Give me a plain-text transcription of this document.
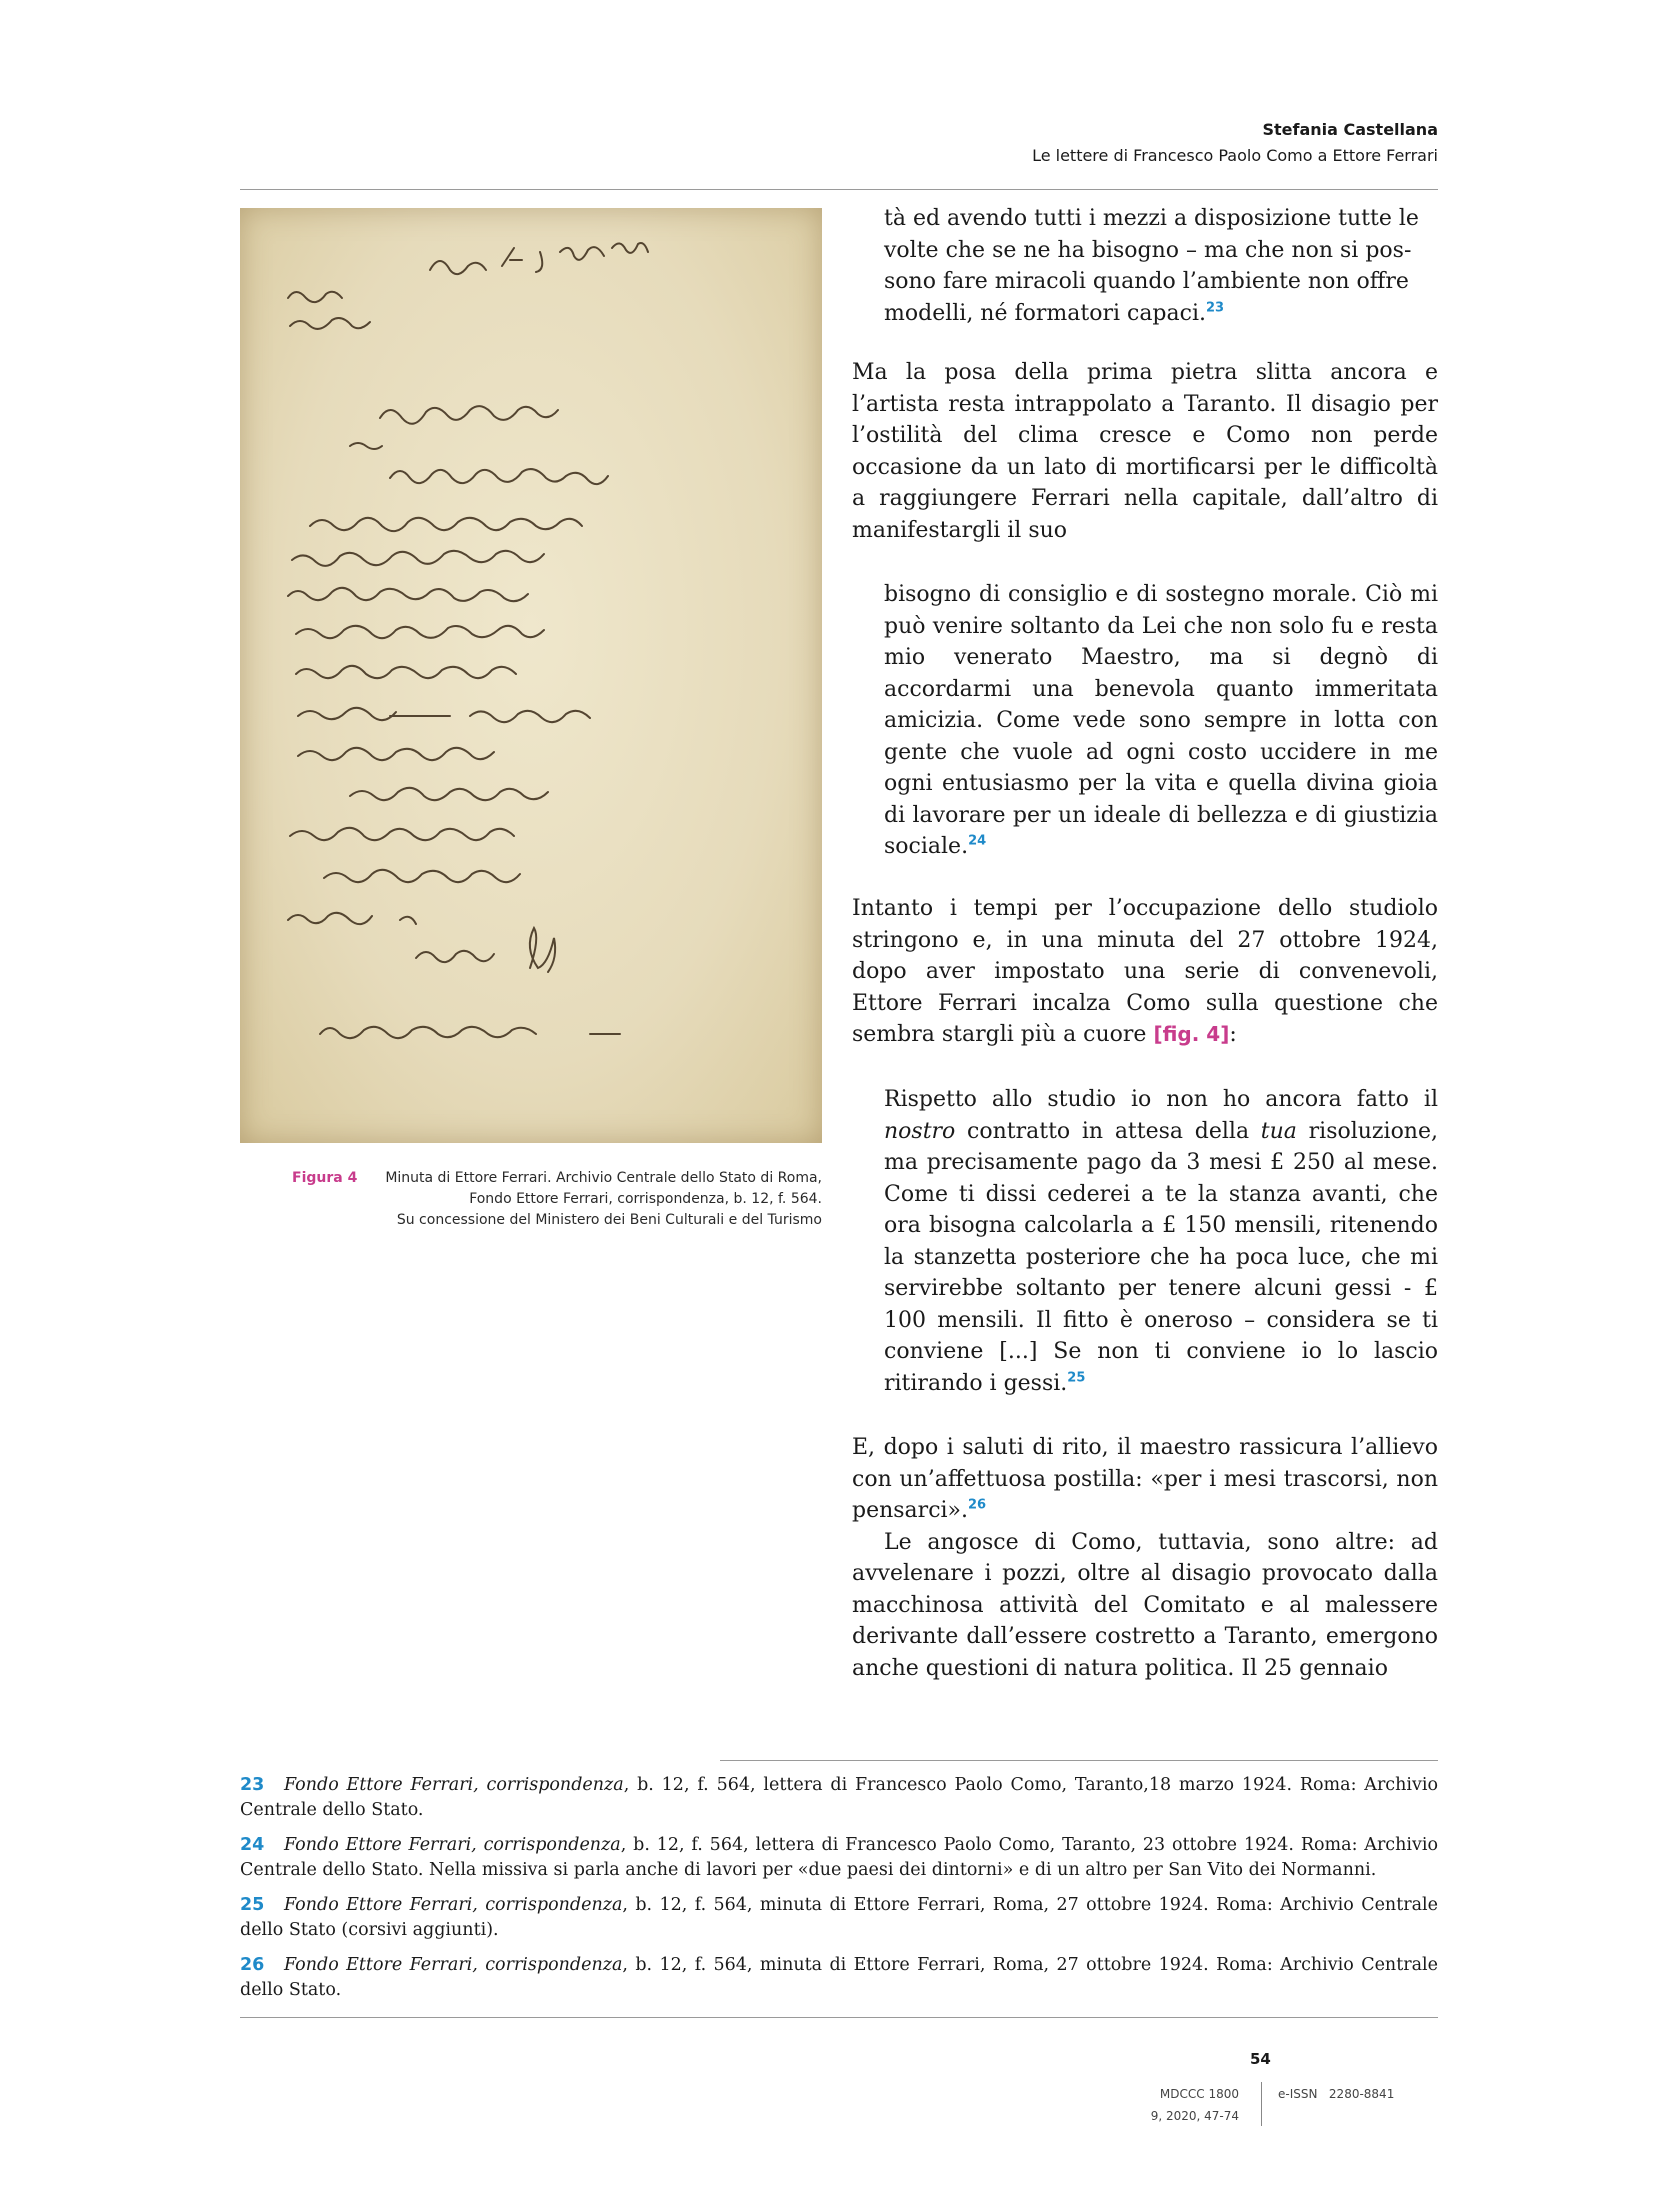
Stefania Castellana
Le lettere di Francesco Paolo Como a Ettore Ferrari
Roma 27 ott. 924
Figura 4	Minuta di Ettore Ferrari. Archivio Centrale dello Stato di Roma,
Fondo Ettore Ferrari, corrispondenza, b. 12, f. 564.
Su concessione del Ministero dei Beni Culturali e del Turismo

tà ed avendo tutti i mezzi a disposizione tutte le
volte che se ne ha bisogno – ma che non si pos-
sono fare miracoli quando l’ambiente non offre
modelli, né formatori capaci.$^{23}$

Ma la posa della prima pietra slitta ancora e l’artista resta intrappolato a Taranto. Il disagio per l’ostilità del clima cresce e Como non perde occasione da un lato di mortificarsi per le difficoltà a raggiungere Ferrari nella capitale, dall’altro di manifestargli il suo

bisogno di consiglio e di sostegno morale. Ciò mi può venire soltanto da Lei che non solo fu e resta mio venerato Maestro, ma si degnò di accordarmi una benevola quanto immeritata amicizia. Come vede sono sempre in lotta con gente che vuole ad ogni costo uccidere in me ogni entusiasmo per la vita e quella divina gioia di lavorare per un ideale di bellezza e di giustizia sociale.$^{24}$

Intanto i tempi per l’occupazione dello studiolo stringono e, in una minuta del 27 ottobre 1924, dopo aver impostato una serie di convenevoli, Ettore Ferrari incalza Como sulla questione che sembra stargli più a cuore [fig. 4]:

Rispetto allo studio io non ho ancora fatto il nostro contratto in attesa della tua risoluzione, ma precisamente pago da 3 mesi £ 250 al mese. Come ti dissi cederei a te la stanza avanti, che ora bisogna calcolarla a £ 150 mensili, ritenendo la stanzetta posteriore che ha poca luce, che mi servirebbe soltanto per tenere alcuni gessi - £ 100 mensili. Il fitto è oneroso – considera se ti conviene [...] Se non ti conviene io lo lascio ritirando i gessi.$^{25}$

E, dopo i saluti di rito, il maestro rassicura l’allievo con un’affettuosa postilla: «per i mesi trascorsi, non pensarci».$^{26}$

Le angosce di Como, tuttavia, sono altre: ad avvelenare i pozzi, oltre al disagio provocato dalla macchinosa attività del Comitato e al malessere derivante dall’essere costretto a Taranto, emergono anche questioni di natura politica. Il 25 gennaio

23 Fondo Ettore Ferrari, corrispondenza, b. 12, f. 564, lettera di Francesco Paolo Como, Taranto,18 marzo 1924. Roma: Archivio Centrale dello Stato.

24 Fondo Ettore Ferrari, corrispondenza, b. 12, f. 564, lettera di Francesco Paolo Como, Taranto, 23 ottobre 1924. Roma: Archivio Centrale dello Stato. Nella missiva si parla anche di lavori per «due paesi dei dintorni» e di un altro per San Vito dei Normanni.

25 Fondo Ettore Ferrari, corrispondenza, b. 12, f. 564, minuta di Ettore Ferrari, Roma, 27 ottobre 1924. Roma: Archivio Centrale dello Stato (corsivi aggiunti).

26 Fondo Ettore Ferrari, corrispondenza, b. 12, f. 564, minuta di Ettore Ferrari, Roma, 27 ottobre 1924. Roma: Archivio Centrale dello Stato.

54
MDCCC 1800
9, 2020, 47-74
e-ISSN 2280-8841
